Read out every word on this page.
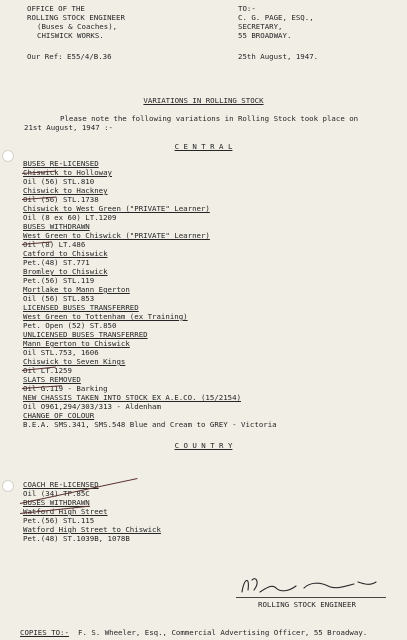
OFFICE OF THE
ROLLING STOCK ENGINEER
(Buses & Coaches),
CHISWICK WORKS.
Our Ref: E55/4/B.36
TO:-
C. G. PAGE, ESQ.,
SECRETARY,
55 BROADWAY.
25th August, 1947.
VARIATIONS IN ROLLING STOCK
Please note the following variations in Rolling Stock took place on
21st August, 1947 :-
C E N T R A L
BUSES RE-LICENSED
Chiswick to Holloway
Oil (56) STL.810
Chiswick to Hackney
Oil (56) STL.1738
Chiswick to West Green ("PRIVATE" Learner)
Oil (8 ex 60) LT.1209
BUSES WITHDRAWN
West Green to Chiswick ("PRIVATE" Learner)
Oil (8) LT.486
Catford to Chiswick
Pet.(48) ST.771
Bromley to Chiswick
Pet.(56) STL.119
Mortlake to Mann Egerton
Oil (56) STL.853
LICENSED BUSES TRANSFERRED
West Green to Tottenham (ex Training)
Pet. Open (52) ST.850
UNLICENSED BUSES TRANSFERRED
Mann Egerton to Chiswick
Oil STL.753, 1606
Chiswick to Seven Kings
Oil LT.1259
SLATS REMOVED
Oil G.119 - Barking
NEW CHASSIS TAKEN INTO STOCK EX A.E.CO. (15/2154)
Oil O961,294/303/313 - Aldenham
CHANGE OF COLOUR
B.E.A. SMS.341, SMS.548 Blue and Cream to GREY - Victoria
C O U N T R Y
COACH RE-LICENSED
Oil (34) TF.85C
BUSES WITHDRAWN
Watford High Street
Pet.(56) STL.115
Watford High Street to Chiswick
Pet.(48) ST.1039B, 1078B
ROLLING STOCK ENGINEER
COPIES TO:- F. S. Wheeler, Esq., Commercial Advertising Officer, 55 Broadway.
